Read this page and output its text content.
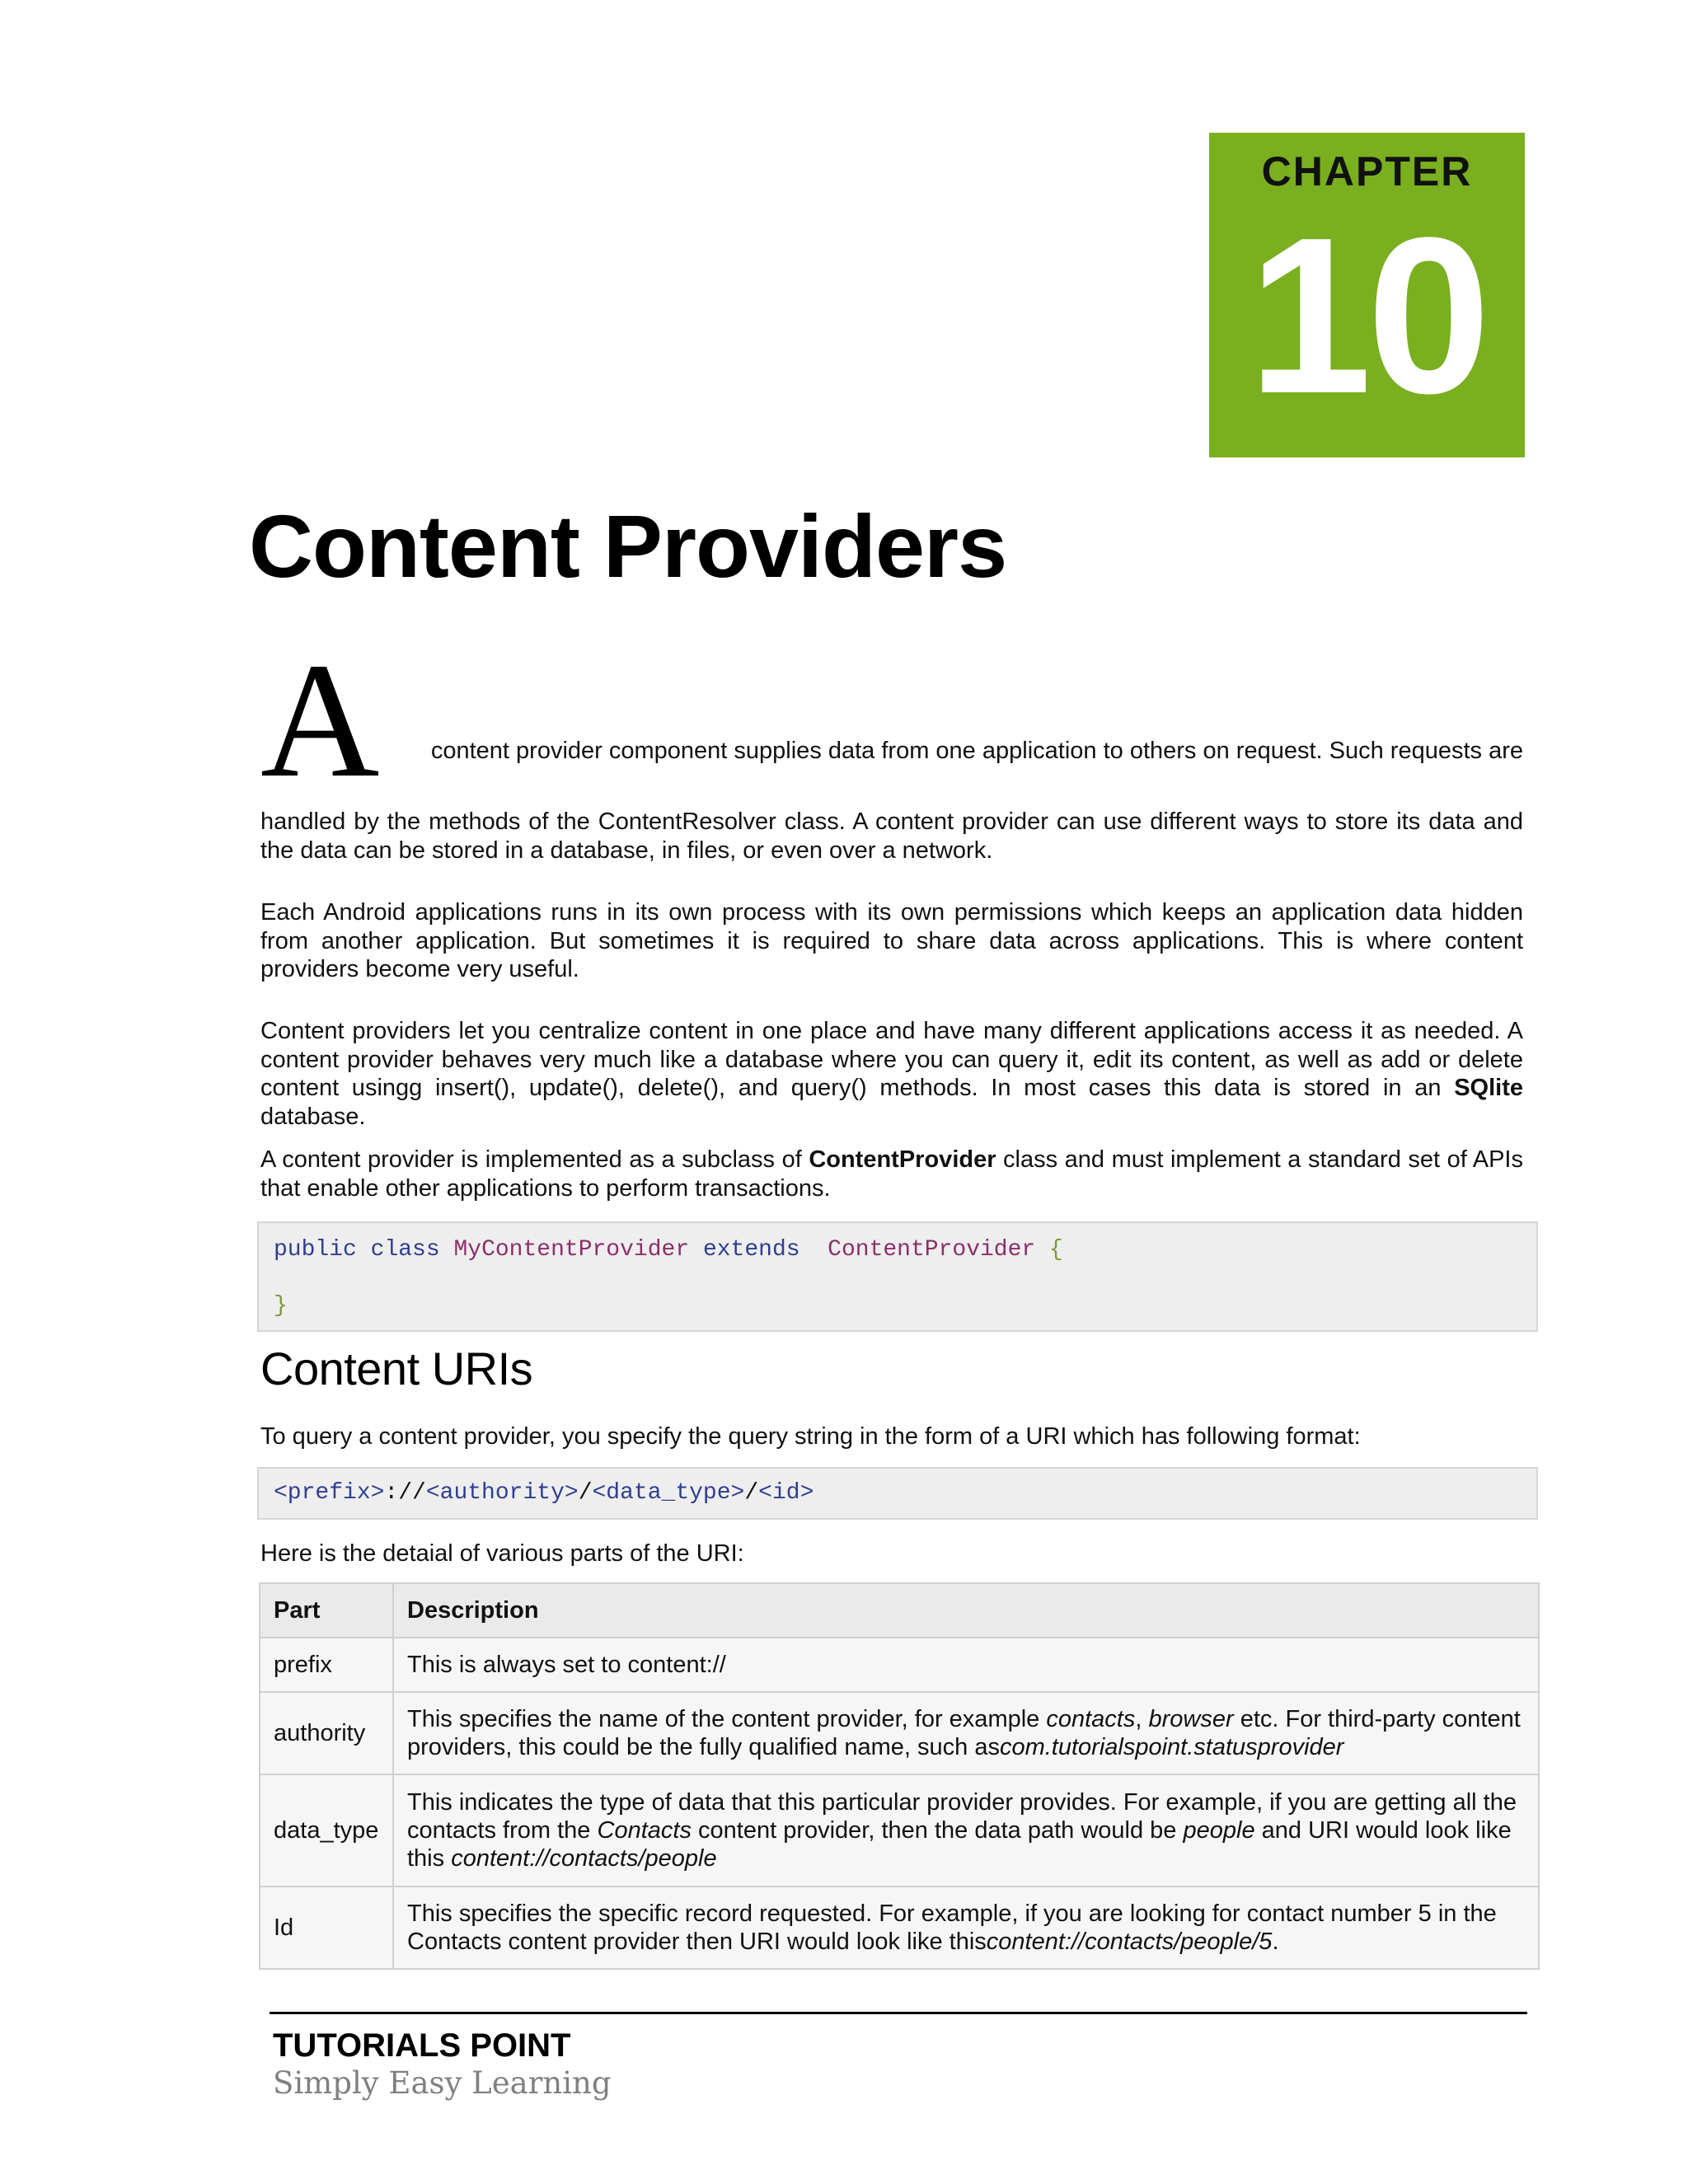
CHAPTER
10
Content Providers
A	content provider component supplies data from one application to others on request. Such requests are

handled by the methods of the ContentResolver class. A content provider can use different ways to store its data and the data can be stored in a database, in files, or even over a network.

Each Android applications runs in its own process with its own permissions which keeps an application data hidden from another application. But sometimes it is required to share data across applications. This is where content providers become very useful.

Content providers let you centralize content in one place and have many different applications access it as needed. A content provider behaves very much like a database where you can query it, edit its content, as well as add or delete content usingg insert(), update(), delete(), and query() methods. In most cases this data is stored in an SQlite database.

A content provider is implemented as a subclass of ContentProvider class and must implement a standard set of APIs that enable other applications to perform transactions.

public class MyContentProvider extends ContentProvider {
}
Content URIs

To query a content provider, you specify the query string in the form of a URI which has following format:

<prefix>://<authority>/<data_type>/<id>

Here is the detaial of various parts of the URI:

Part	Description
prefix	This is always set to content://
authority	This specifies the name of the content provider, for example contacts, browser etc. For third-party content providers, this could be the fully qualified name, such ascom.tutorialspoint.statusprovider
data_type	This indicates the type of data that this particular provider provides. For example, if you are getting all the contacts from the Contacts content provider, then the data path would be people and URI would look like this content://contacts/people
Id	This specifies the specific record requested. For example, if you are looking for contact number 5 in the Contacts content provider then URI would look like thiscontent://contacts/people/5.
TUTORIALS POINT
Simply Easy Learning
